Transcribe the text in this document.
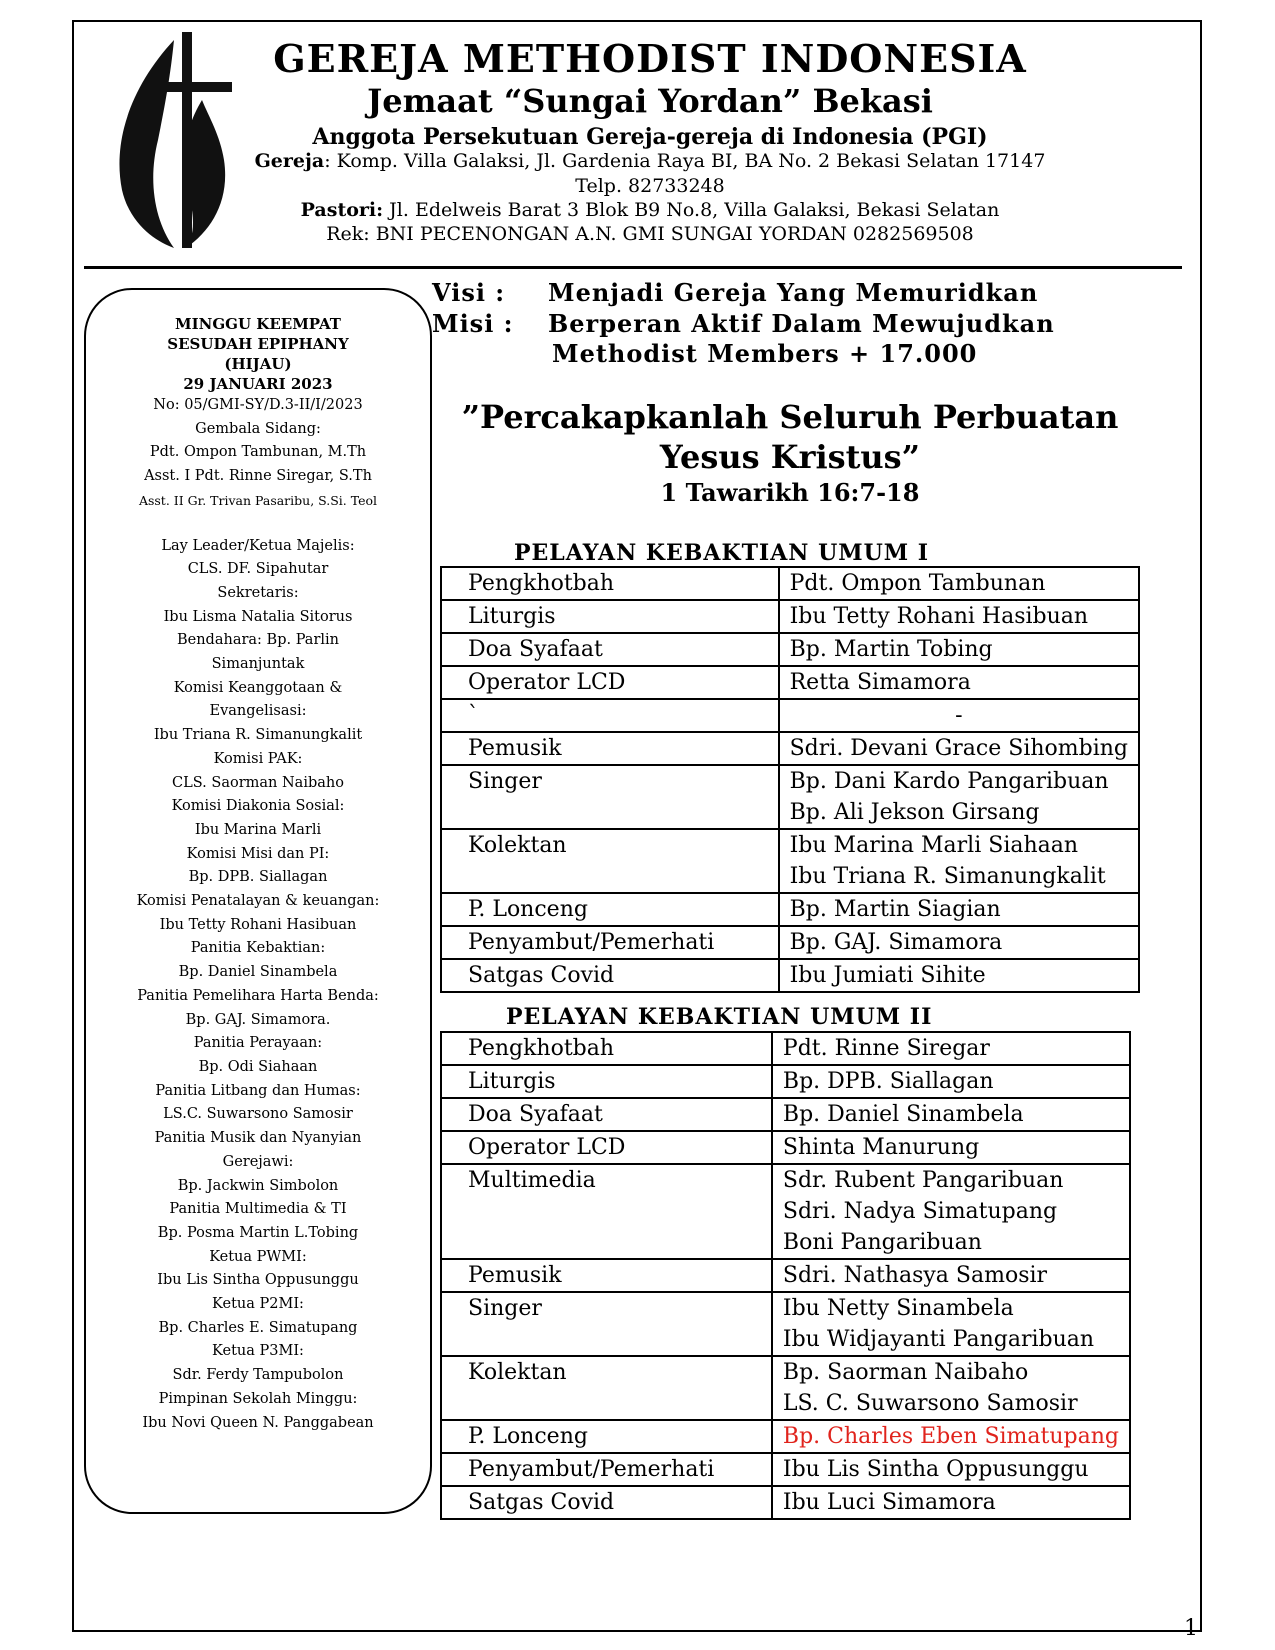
GEREJA METHODIST INDONESIA
Jemaat “Sungai Yordan” Bekasi
Anggota Persekutuan Gereja-gereja di Indonesia (PGI)
Gereja: Komp. Villa Galaksi, Jl. Gardenia Raya BI, BA No. 2 Bekasi Selatan 17147
Telp. 82733248
Pastori: Jl. Edelweis Barat 3 Blok B9 No.8, Villa Galaksi, Bekasi Selatan
Rek: BNI PECENONGAN A.N. GMI SUNGAI YORDAN 0282569508
MINGGU KEEMPAT
SESUDAH EPIPHANY
(HIJAU)
29 JANUARI 2023
No: 05/GMI-SY/D.3-II/I/2023
Gembala Sidang:
Pdt. Ompon Tambunan, M.Th
Asst. I Pdt. Rinne Siregar, S.Th
Asst. II Gr. Trivan Pasaribu, S.Si. Teol
Lay Leader/Ketua Majelis:
CLS. DF. Sipahutar
Sekretaris:
Ibu Lisma Natalia Sitorus
Bendahara: Bp. Parlin
Simanjuntak
Komisi Keanggotaan &
Evangelisasi:
Ibu Triana R. Simanungkalit
Komisi PAK:
CLS. Saorman Naibaho
Komisi Diakonia Sosial:
Ibu Marina Marli
Komisi Misi dan PI:
Bp. DPB. Siallagan
Komisi Penatalayan & keuangan:
Ibu Tetty Rohani Hasibuan
Panitia Kebaktian:
Bp. Daniel Sinambela
Panitia Pemelihara Harta Benda:
Bp. GAJ. Simamora.
Panitia Perayaan:
Bp. Odi Siahaan
Panitia Litbang dan Humas:
LS.C. Suwarsono Samosir
Panitia Musik dan Nyanyian
Gerejawi:
Bp. Jackwin Simbolon
Panitia Multimedia & TI
Bp. Posma Martin L.Tobing
Ketua PWMI:
Ibu Lis Sintha Oppusunggu
Ketua P2MI:
Bp. Charles E. Simatupang
Ketua P3MI:
Sdr. Ferdy Tampubolon
Pimpinan Sekolah Minggu:
Ibu Novi Queen N. Panggabean
Visi : Menjadi Gereja Yang Memuridkan
Misi : Berperan Aktif Dalam Mewujudkan
Methodist Members + 17.000
”Percakapkanlah Seluruh Perbuatan
Yesus Kristus”
1 Tawarikh 16:7-18
PELAYAN KEBAKTIAN UMUM I
Pengkhotbah	Pdt. Ompon Tambunan

Liturgis	Ibu Tetty Rohani Hasibuan

Doa Syafaat	Bp. Martin Tobing

Operator LCD	Retta Simamora

`	-

Pemusik	Sdri. Devani Grace Sihombing

Singer	Bp. Dani Kardo Pangaribuan
Bp. Ali Jekson Girsang

Kolektan	Ibu Marina Marli Siahaan
Ibu Triana R. Simanungkalit

P. Lonceng	Bp. Martin Siagian

Penyambut/Pemerhati	Bp. GAJ. Simamora

Satgas Covid	Ibu Jumiati Sihite
PELAYAN KEBAKTIAN UMUM II
Pengkhotbah	Pdt. Rinne Siregar

Liturgis	Bp. DPB. Siallagan

Doa Syafaat	Bp. Daniel Sinambela

Operator LCD	Shinta Manurung

Multimedia	Sdr. Rubent Pangaribuan
Sdri. Nadya Simatupang
Boni Pangaribuan

Pemusik	Sdri. Nathasya Samosir

Singer	Ibu Netty Sinambela
Ibu Widjayanti Pangaribuan

Kolektan	Bp. Saorman Naibaho
LS. C. Suwarsono Samosir

P. Lonceng	Bp. Charles Eben Simatupang

Penyambut/Pemerhati	Ibu Lis Sintha Oppusunggu

Satgas Covid	Ibu Luci Simamora
1
